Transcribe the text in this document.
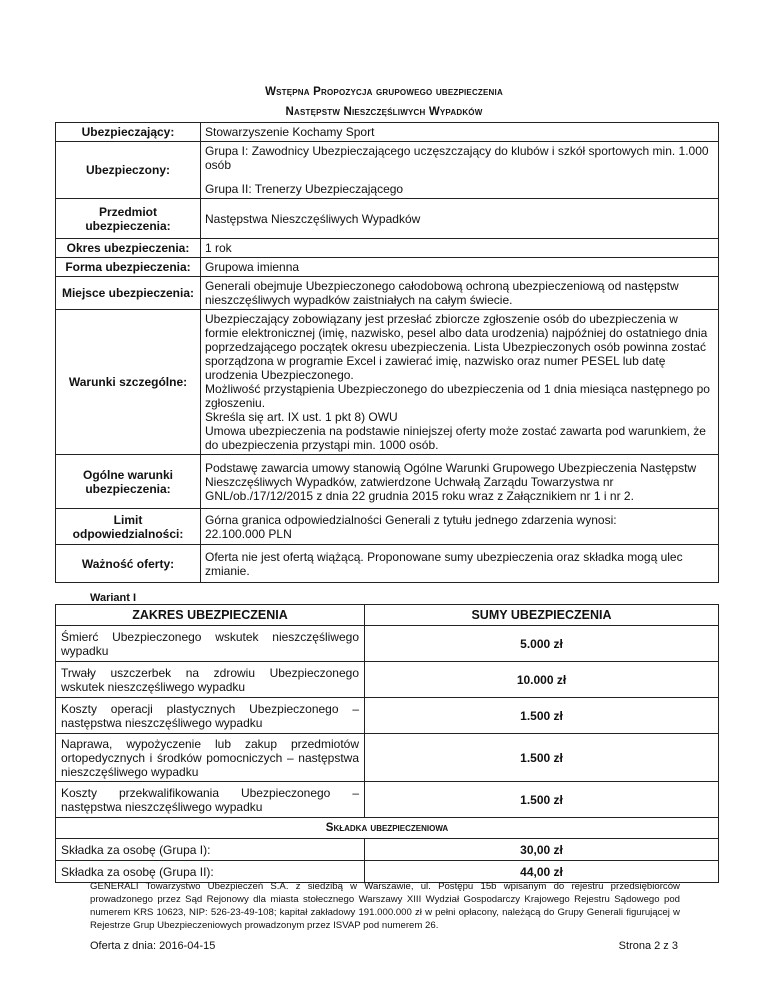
Wstępna Propozycja grupowego ubezpieczenia
Następstw Nieszczęśliwych Wypadków
Ubezpieczający:	Stowarzyszenie Kochamy Sport
Ubezpieczony:	Grupa I: Zawodnicy Ubezpieczającego uczęszczający do klubów i szkół sportowych min. 1.000 osób
Grupa II: Trenerzy Ubezpieczającego

Przedmiot ubezpieczenia:	Następstwa Nieszczęśliwych Wypadków
Okres ubezpieczenia:	1 rok
Forma ubezpieczenia:	Grupowa imienna
Miejsce ubezpieczenia:	Generali obejmuje Ubezpieczonego całodobową ochroną ubezpieczeniową od następstw nieszczęśliwych wypadków zaistniałych na całym świecie.
Warunki szczególne:	Ubezpieczający zobowiązany jest przesłać zbiorcze zgłoszenie osób do ubezpieczenia w formie elektronicznej (imię, nazwisko, pesel albo data urodzenia) najpóźniej do ostatniego dnia poprzedzającego początek okresu ubezpieczenia. Lista Ubezpieczonych osób powinna zostać sporządzona w programie Excel i zawierać imię, nazwisko oraz numer PESEL lub datę urodzenia Ubezpieczonego.
Możliwość przystąpienia Ubezpieczonego do ubezpieczenia od 1 dnia miesiąca następnego po zgłoszeniu.
Skreśla się art. IX ust. 1 pkt 8) OWU
Umowa ubezpieczenia na podstawie niniejszej oferty może zostać zawarta pod warunkiem, że do ubezpieczenia przystąpi min. 1000 osób.

Ogólne warunki ubezpieczenia:	Podstawę zawarcia umowy stanowią Ogólne Warunki Grupowego Ubezpieczenia Następstw Nieszczęśliwych Wypadków, zatwierdzone Uchwałą Zarządu Towarzystwa nr GNL/ob./17/12/2015 z dnia 22 grudnia 2015 roku wraz z Załącznikiem nr 1 i nr 2.
Limit odpowiedzialności:	Górna granica odpowiedzialności Generali z tytułu jednego zdarzenia wynosi:
22.100.000 PLN

Ważność oferty:	Oferta nie jest ofertą wiążącą. Proponowane sumy ubezpieczenia oraz składka mogą ulec zmianie.
Wariant I
ZAKRES UBEZPIECZENIA	SUMY UBEZPIECZENIA
Śmierć Ubezpieczonego wskutek nieszczęśliwego wypadku	5.000 zł
Trwały uszczerbek na zdrowiu Ubezpieczonego wskutek nieszczęśliwego wypadku	10.000 zł
Koszty operacji plastycznych Ubezpieczonego – następstwa nieszczęśliwego wypadku	1.500 zł
Naprawa, wypożyczenie lub zakup przedmiotów ortopedycznych i środków pomocniczych – następstwa nieszczęśliwego wypadku	1.500 zł
Koszty przekwalifikowania Ubezpieczonego – następstwa nieszczęśliwego wypadku	1.500 zł
Składka ubezpieczeniowa	
Składka za osobę (Grupa I):	30,00 zł
Składka za osobę (Grupa II):	44,00 zł
GENERALI Towarzystwo Ubezpieczeń S.A. z siedzibą w Warszawie, ul. Postępu 15b wpisanym do rejestru przedsiębiorców prowadzonego przez Sąd Rejonowy dla miasta stołecznego Warszawy XIII Wydział Gospodarczy Krajowego Rejestru Sądowego pod numerem KRS 10623, NIP: 526-23-49-108; kapitał zakładowy 191.000.000 zł w pełni opłacony, należącą do Grupy Generali figurującej w Rejestrze Grup Ubezpieczeniowych prowadzonym przez ISVAP pod numerem 26.
Oferta z dnia: 2016-04-15	Strona 2 z 3
